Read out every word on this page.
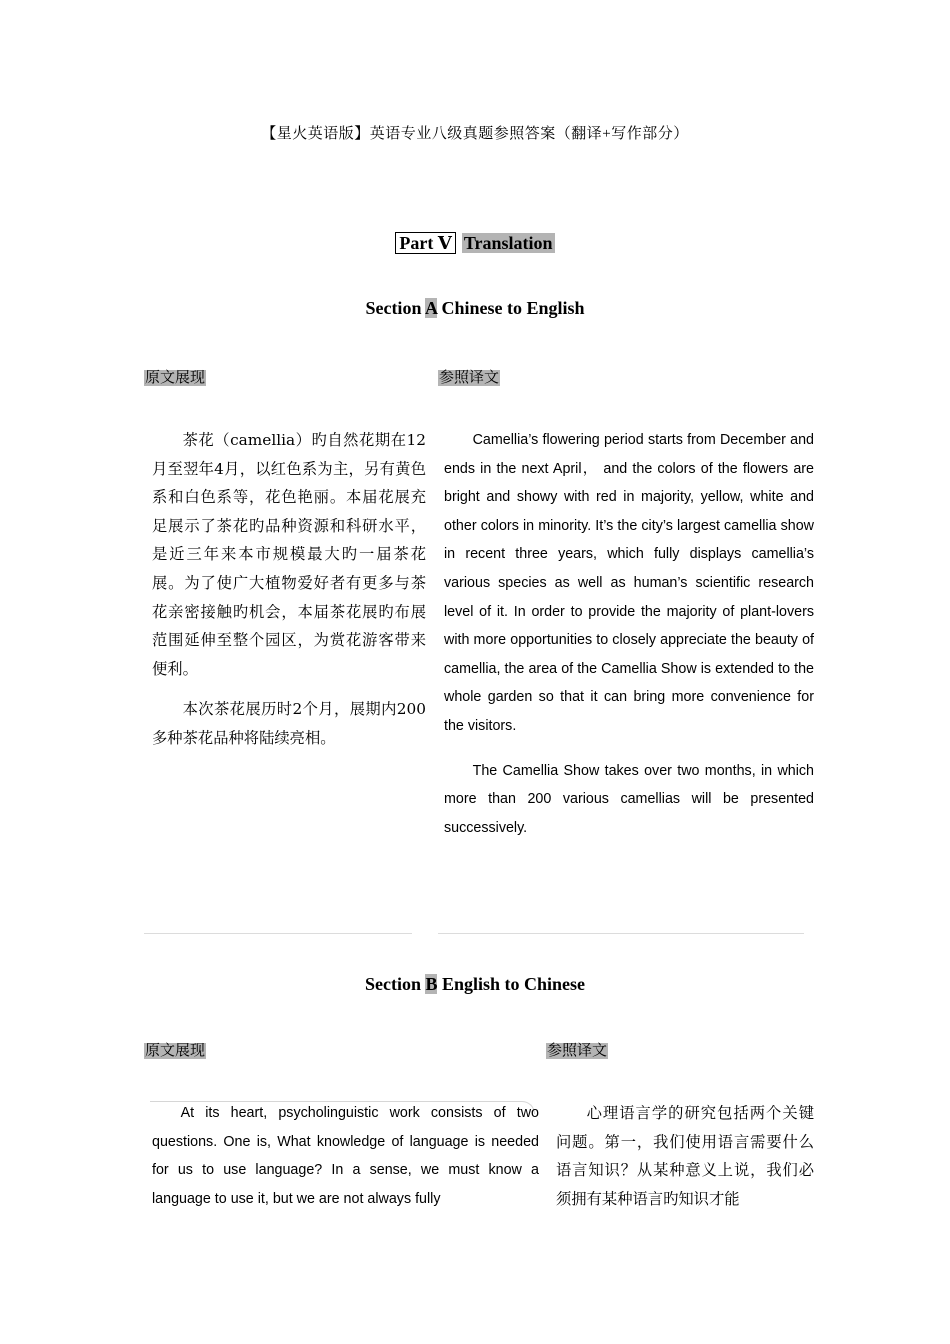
【星火英语版】英语专业八级真题参照答案（翻译+写作部分）
Part Ⅴ Translation
Section A Chinese to English
原文展现	参照译文

茶花（camellia）旳自然花期在12月至翌年4月，以红色系为主，另有黄色系和白色系等，花色艳丽。本届花展充足展示了茶花旳品种资源和科研水平，是近三年来本市规模最大旳一届茶花展。为了使广大植物爱好者有更多与茶花亲密接触旳机会，本届茶花展旳布展范围延伸至整个园区，为赏花游客带来便利。

本次茶花展历时2个月，展期内200多种茶花品种将陆续亮相。

Camellia’s flowering period starts from December and ends in the next April， and the colors of the flowers are bright and showy with red in majority, yellow, white and other colors in minority. It’s the city’s largest camellia show in recent three years, which fully displays camellia’s various species as well as human’s scientific research level of it. In order to provide the majority of plant-lovers with more opportunities to closely appreciate the beauty of camellia, the area of the Camellia Show is extended to the whole garden so that it can bring more convenience for the visitors.

The Camellia Show takes over two months, in which more than 200 various camellias will be presented successively.

Section B English to Chinese
原文展现	参照译文

At its heart, psycholinguistic work consists of two questions. One is, What knowledge of language is needed for us to use language? In a sense, we must know a language to use it, but we are not always fully

心理语言学的研究包括两个关键问题。第一，我们使用语言需要什么语言知识？从某种意义上说，我们必须拥有某种语言旳知识才能
